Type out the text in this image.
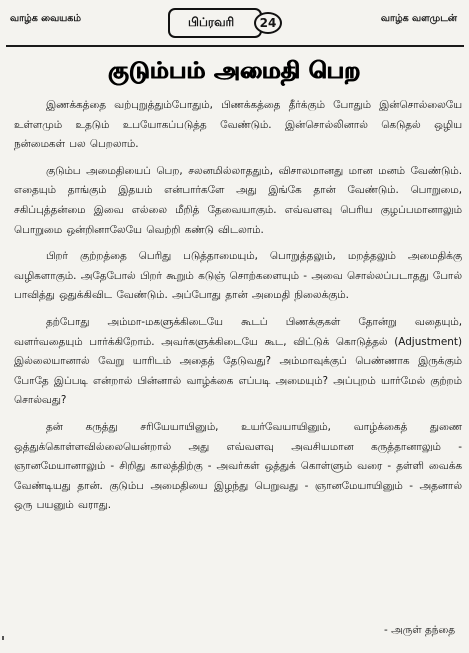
வாழ்க வையகம்	பிப்ரவரி	24	வாழ்க வளமுடன்

குடும்பம் அமைதி பெற

இணக்கத்தை வற்புறுத்தும்போதும், பிணக்கத்தை தீர்க்கும் போதும் இன்சொல்லையே உள்ளமும் உதடும் உபயோகப்படுத்த வேண்டும். இன்சொல்லினால் கெடுதல் ஒழிய நன்மைகள் பல பெறலாம்.

குடும்ப அமைதியைப் பெற, சலனமில்லாததும், விசாலமானது மான மனம் வேண்டும். எதையும் தாங்கும் இதயம் என்பார்களே அது இங்கே தான் வேண்டும். பொறுமை, சகிப்புத்தன்மை இவை எல்லை மீறித் தேவையாகும். எவ்வளவு பெரிய குழப்பமானாலும் பொறுமை ஒன்றினாலேயே வெற்றி கண்டு விடலாம்.

பிறர் குற்றத்தை பெரிது படுத்தாமையும், பொறுத்தலும், மறத்தலும் அமைதிக்கு வழிகளாகும். அதேபோல் பிறர் கூறும் கடுஞ் சொற்களையும் - அவை சொல்லப்படாதது போல் பாவித்து ஒதுக்கிவிட வேண்டும். அப்போது தான் அமைதி நிலைக்கும்.

தற்போது அம்மா-மகளுக்கிடையே கூடப் பிணக்குகள் தோன்று வதையும், வளர்வதையும் பார்க்கிறோம். அவர்களுக்கிடையே கூட, விட்டுக் கொடுத்தல் (Adjustment) இல்லையானால் வேறு யாரிடம் அதைத் தேடுவது? அம்மாவுக்குப் பெண்ணாக இருக்கும் போதே இப்படி என்றால் பின்னால் வாழ்க்கை எப்படி அமையும்? அப்புறம் யார்மேல் குற்றம் சொல்வது?

தன் கருத்து சரியேயாயினும், உயர்வேயாயினும், வாழ்க்கைத் துணை ஒத்துக்கொள்ளவில்லையென்றால் அது எவ்வளவு அவசியமான கருத்தானாலும் - ஞானமேயானாலும் - சிறிது காலத்திற்கு - அவர்கள் ஒத்துக் கொள்ளும் வரை - தள்ளி வைக்க வேண்டியது தான். குடும்ப அமைதியை இழந்து பெறுவது - ஞானமேயாயினும் - அதனால் ஒரு பயனும் வராது.

- அருள் தந்தை
